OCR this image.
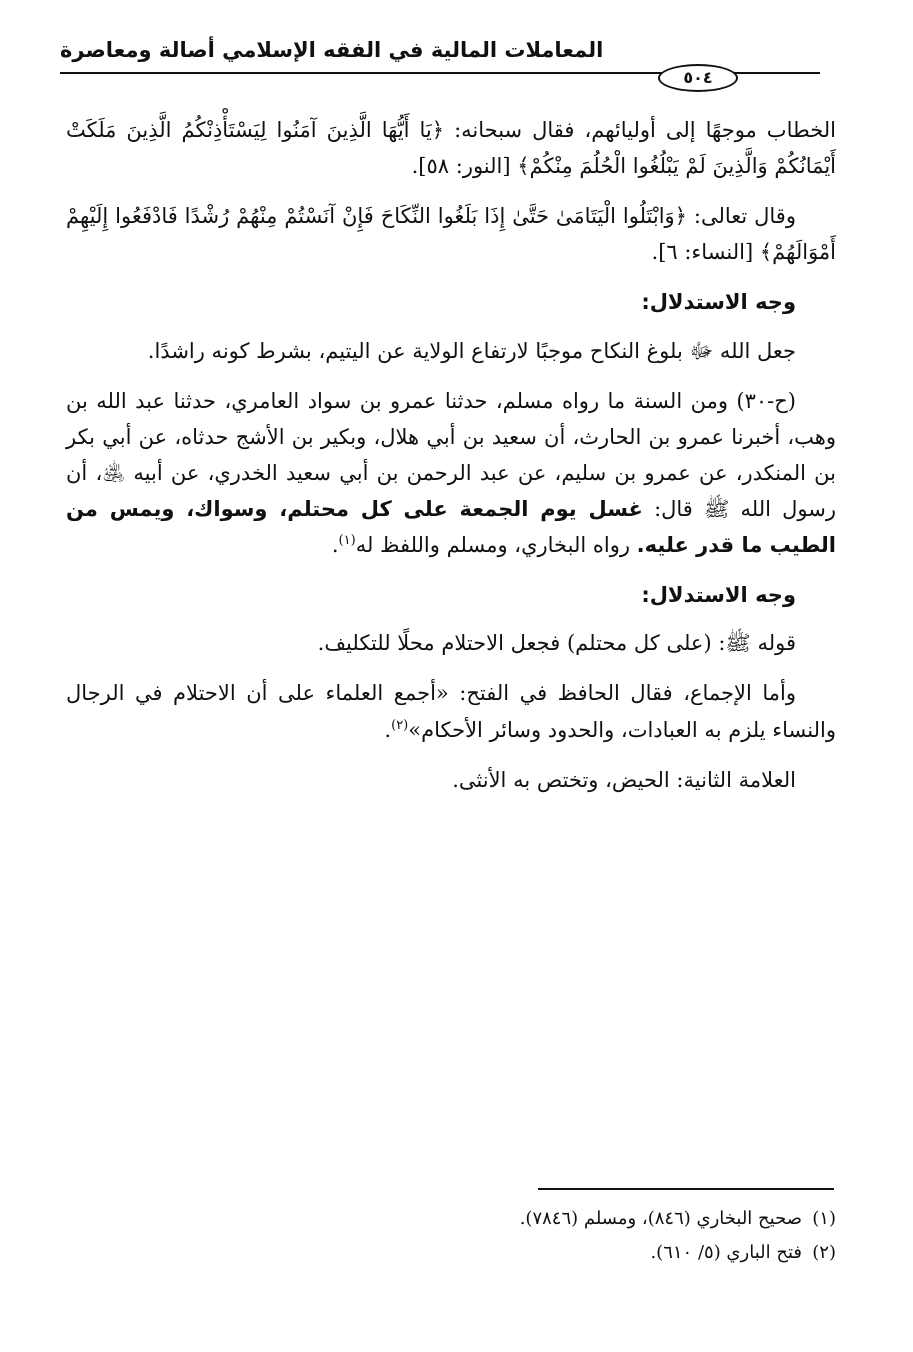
المعاملات المالية في الفقه الإسلامي أصالة ومعاصرة
٥٠٤

الخطاب موجهًا إلى أوليائهم، فقال سبحانه: ﴿يَا أَيُّهَا الَّذِينَ آمَنُوا لِيَسْتَأْذِنْكُمُ الَّذِينَ مَلَكَتْ أَيْمَانُكُمْ وَالَّذِينَ لَمْ يَبْلُغُوا الْحُلُمَ مِنْكُمْ﴾ [النور: ٥٨].

وقال تعالى: ﴿وَابْتَلُوا الْيَتَامَىٰ حَتَّىٰ إِذَا بَلَغُوا النِّكَاحَ فَإِنْ آنَسْتُمْ مِنْهُمْ رُشْدًا فَادْفَعُوا إِلَيْهِمْ أَمْوَالَهُمْ﴾ [النساء: ٦].

وجه الاستدلال:

جعل الله ﷻ بلوغ النكاح موجبًا لارتفاع الولاية عن اليتيم، بشرط كونه راشدًا.

(ح-٣٠) ومن السنة ما رواه مسلم، حدثنا عمرو بن سواد العامري، حدثنا عبد الله بن وهب، أخبرنا عمرو بن الحارث، أن سعيد بن أبي هلال، وبكير بن الأشج حدثاه، عن أبي بكر بن المنكدر، عن عمرو بن سليم، عن عبد الرحمن بن أبي سعيد الخدري، عن أبيه ﵁، أن رسول الله ﷺ قال: غسل يوم الجمعة على كل محتلم، وسواك، ويمس من الطيب ما قدر عليه. رواه البخاري، ومسلم واللفظ له$^{(١)}$.

وجه الاستدلال:

قوله ﷺ: (على كل محتلم) فجعل الاحتلام محلًا للتكليف.

وأما الإجماع، فقال الحافظ في الفتح: «أجمع العلماء على أن الاحتلام في الرجال والنساء يلزم به العبادات، والحدود وسائر الأحكام»$^{(٢)}$.

العلامة الثانية: الحيض، وتختص به الأنثى.

(١)صحيح البخاري (٨٤٦)، ومسلم (٧٨٤٦).
(٢)فتح الباري (٥/ ٦١٠).
